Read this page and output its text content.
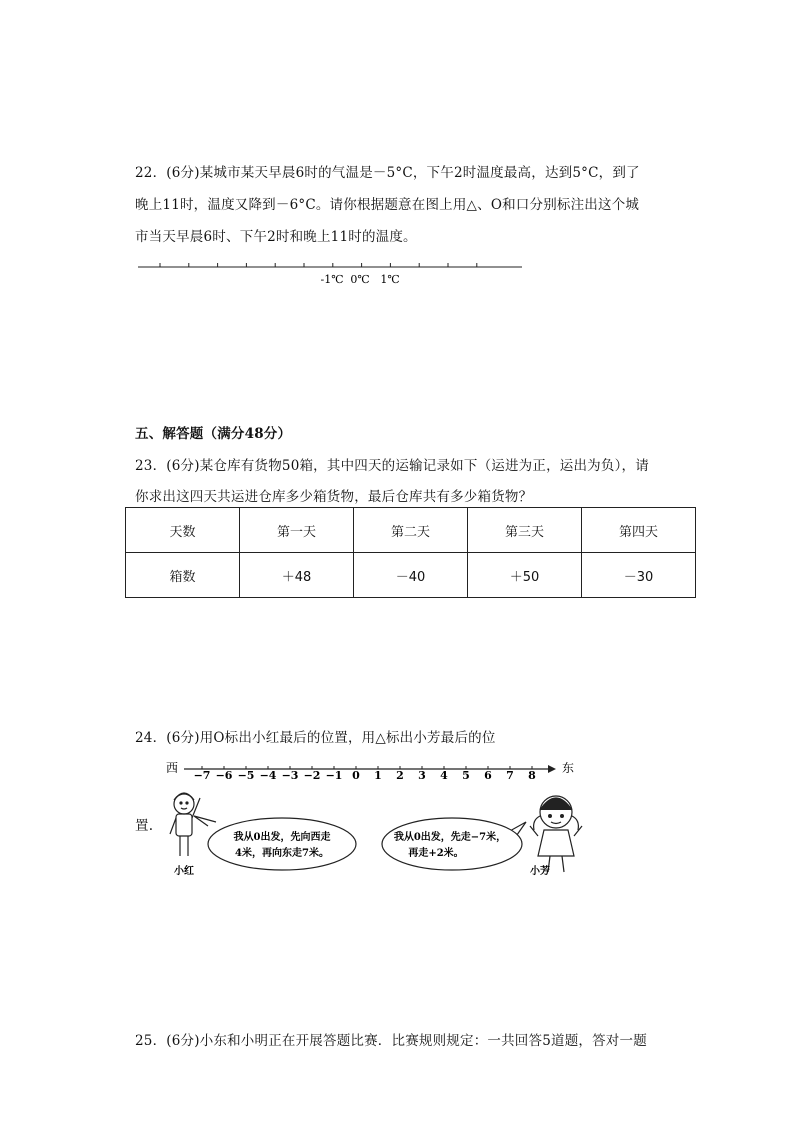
22．(6分)某城市某天早晨6时的气温是－5°C，下午2时温度最高，达到5°C，到了
晚上11时，温度又降到－6°C。请你根据题意在图上用△、O和口分别标注出这个城
市当天早晨6时、下午2时和晚上11时的温度。
-1℃ 0℃ 1℃
五、解答题（满分48分）
23．(6分)某仓库有货物50箱，其中四天的运输记录如下（运进为正，运出为负），请
你求出这四天共运进仓库多少箱货物，最后仓库共有多少箱货物？
天数	第一天	第二天	第三天	第四天
箱数	＋48	－40	＋50	－30
24．(6分)用O标出小红最后的位置，用△标出小芳最后的位
置.
西	东
−7 −6 −5 −4 −3 −2 −1 0 1 2 3 4 5 6 7 8
小红
我从0出发，先向西走
4米，再向东走7米。
我从0出发，先走−7米，
再走+2米。
小芳
25．(6分)小东和小明正在开展答题比赛．比赛规则规定：一共回答5道题，答对一题
